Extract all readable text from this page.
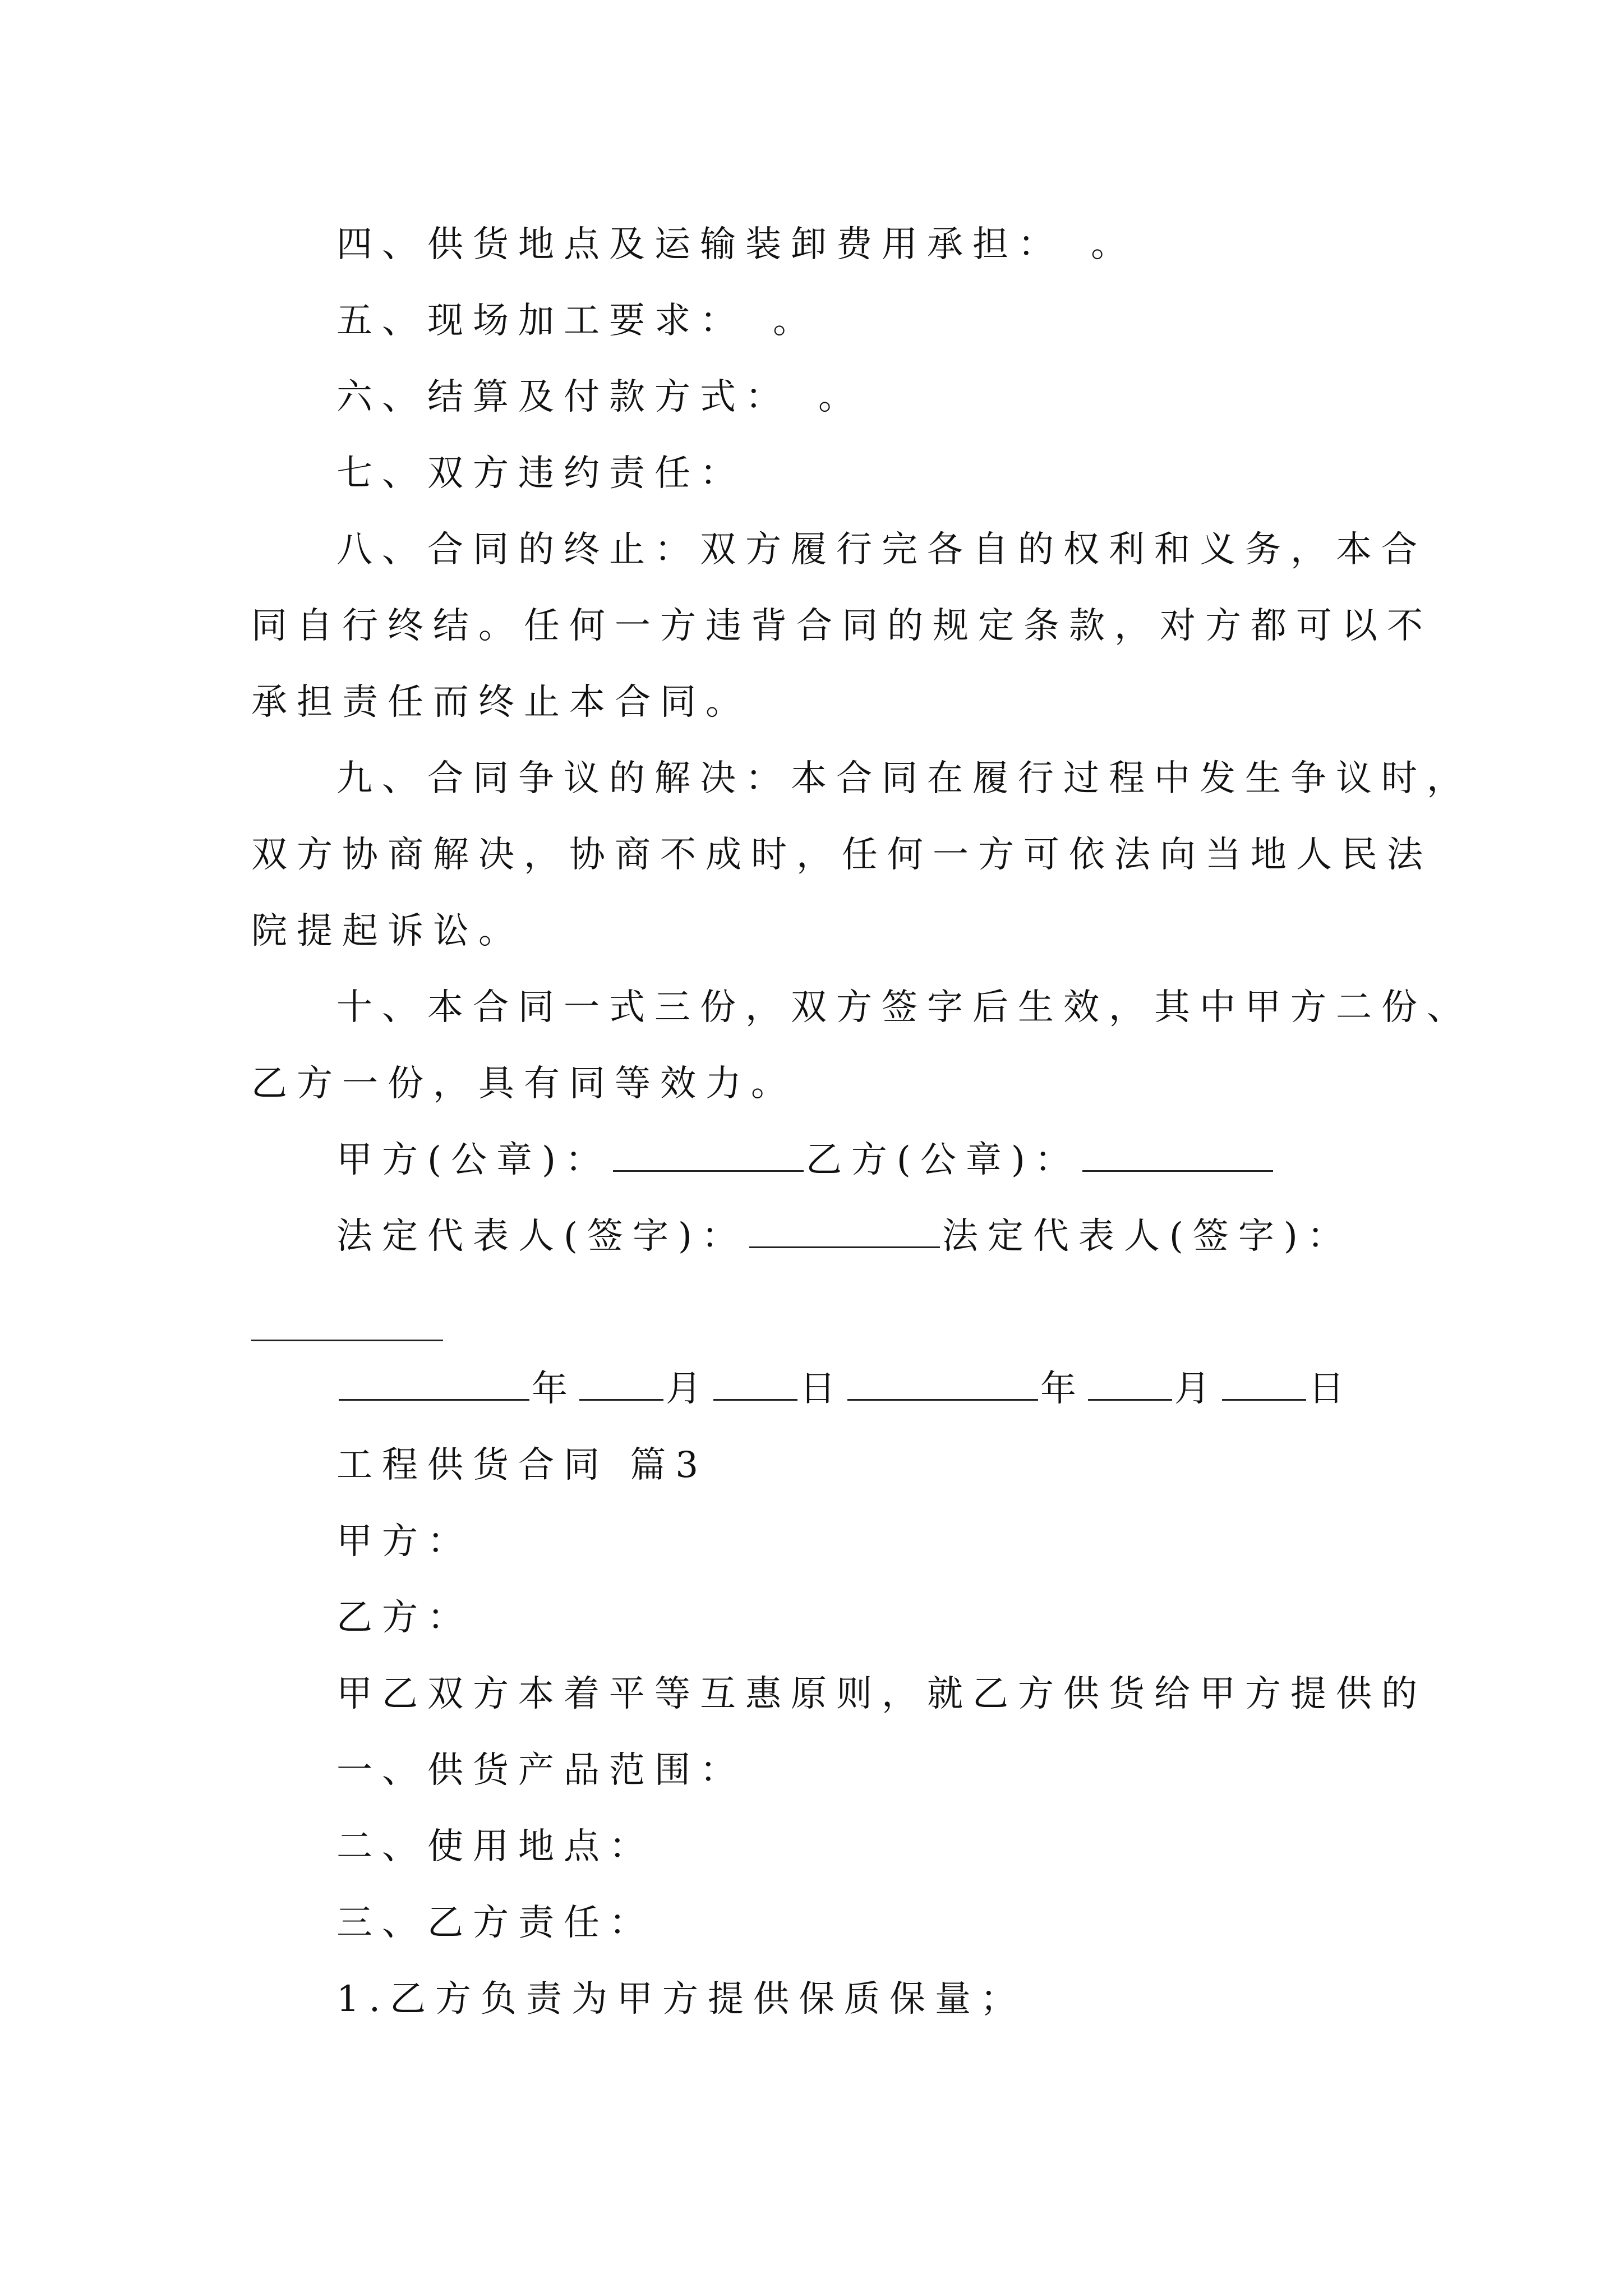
四、供货地点及运输装卸费用承担：　。
五、现场加工要求：　。
六、结算及付款方式：　。
七、双方违约责任：
八、合同的终止：双方履行完各自的权利和义务，本合
同自行终结。任何一方违背合同的规定条款，对方都可以不
承担责任而终止本合同。
九、合同争议的解决：本合同在履行过程中发生争议时，
双方协商解决，协商不成时，任何一方可依法向当地人民法
院提起诉讼。
十、本合同一式三份，双方签字后生效，其中甲方二份、
乙方一份，具有同等效力。
甲方(公章)：	乙方(公章)：
法定代表人(签字)：	法定代表人(签字)：
年 月 日	年 月 日
工程供货合同 篇3
甲方：
乙方：
甲乙双方本着平等互惠原则，就乙方供货给甲方提供的
一、供货产品范围：
二、使用地点：
三、乙方责任：
1.乙方负责为甲方提供保质保量；
